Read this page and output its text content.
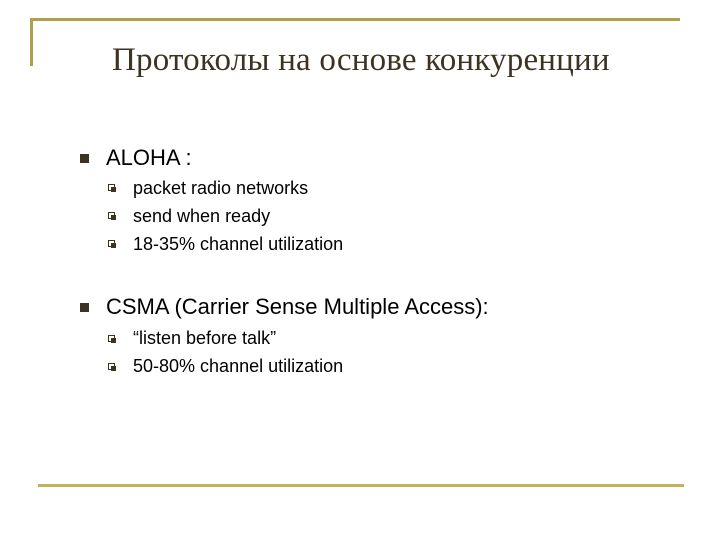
Протоколы на основе конкуренции
ALOHA :
packet radio networks
send when ready
18-35% channel utilization
CSMA (Carrier Sense Multiple Access):
“listen before talk”
50-80% channel utilization
